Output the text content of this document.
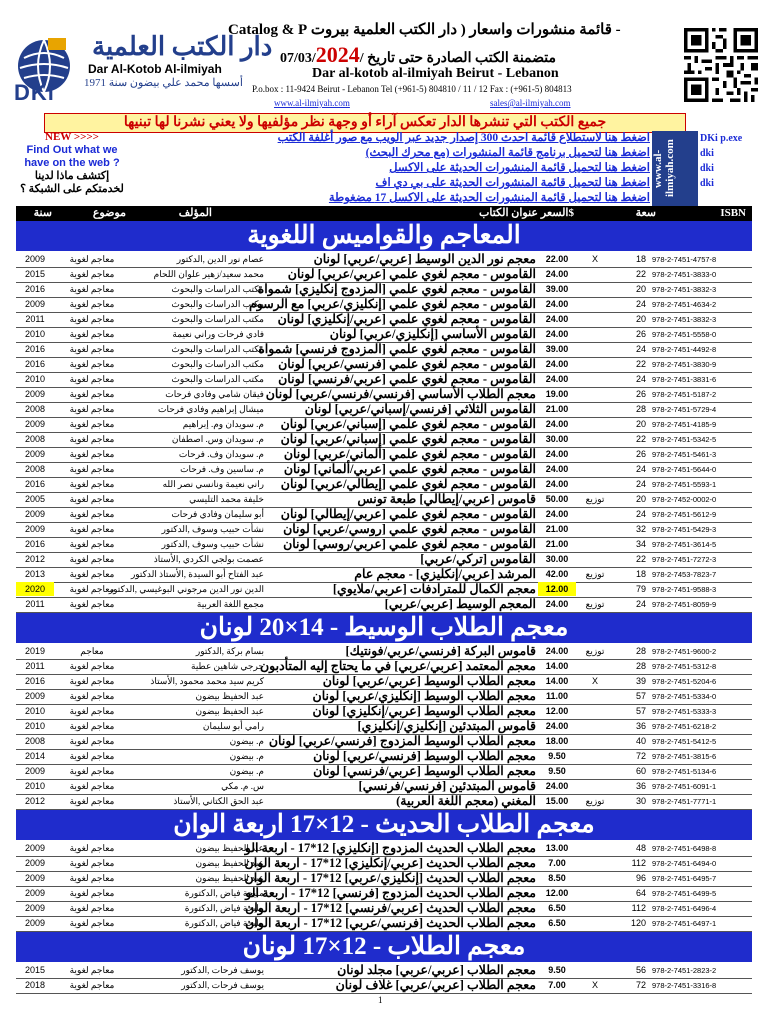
دار الكتب العلمية
Dar Al-Kotob Al-ilmiyah
أسسها محمد علي بيضون سنة 1971
DKi
- قائمة منشورات واسعار ( دار الكتب العلمية بيروت Catalog & P
متضمنة الكتب الصادرة حتى تاريخ /07/03/2024
Dar al-kotob al-ilmiyah Beirut - Lebanon
P.o.box : 11-9424 Beirut - Lebanon Tel (+961-5) 804810 / 11 / 12 Fax : (+961-5) 804813
www.al-ilmiyah.com	sales@al-ilmiyah.com
جميع الكتب التي تنشرها الدار تعكس آراء أو وجهة نظر مؤلفيها ولا يعني نشرنا لها تبنيها
NEW >>>>
Find Out what we have on the web ?
إكتشف ماذا لدينا لخدمتكم على الشبكة ؟
اضغط هنا لاستطلاع قائمة احدث 300 إصدار جديد عبر الويب مع صور أغلفة الكتب
اضغط هنا لتحميل برنامج قائمة المنشورات (مع محرك البحث)
اضغط هنا لتحميل قائمة المنشورات الحديثة على الاكسل
اضغط هنا لتحميل قائمة المنشورات الحديثة على بي دي اف
اضغط هنا لتحميل قائمة المنشورات الحديثة على الاكسل 17 مضغوطة
www.al-ilmiyah.com
DKi p.exe
dki
dki
dki
ISBN
سعة
السعر$
عنوان الكتاب
المؤلف
موضوع
سنة
المعاجم والقواميس اللغوية
978-2-7451-4757-8
18
X
22.00
معجم نور الدين الوسيط [عربي/عربي] لونان
عصام نور الدين ,الدكتور
معاجم لغوية
2009
978-2-7451-3833-0
22
24.00
القاموس - معجم لغوي علمي [عربي/عربي] لونان
محمد سعيد/زهير علوان اللحام
معاجم لغوية
2015
978-2-7451-3832-3
20
39.00
القاموس - معجم لغوي علمي [المزدوج إنكليزي] شمواة
مكتب الدراسات والبحوث
معاجم لغوية
2016
978-2-7451-4634-2
24
24.00
القاموس - معجم لغوي علمي [إنكليزي/عربي] مع الرسوم
مكتب الدراسات والبحوث
معاجم لغوية
2009
978-2-7451-3832-3
20
24.00
القاموس - معجم لغوي علمي [عربي/إنكليزي] لونان
مكتب الدراسات والبحوث
معاجم لغوية
2011
978-2-7451-5558-0
26
24.00
القاموس الأساسي [إنكليزي/عربي] لونان
فادي فرحات وراني نعيمة
معاجم لغوية
2010
978-2-7451-4492-8
24
39.00
القاموس - معجم لغوي علمي [المزدوج فرنسي] شمواة
مكتب الدراسات والبحوث
معاجم لغوية
2016
978-2-7451-3830-9
22
24.00
القاموس - معجم لغوي علمي [فرنسي/عربي] لونان
مكتب الدراسات والبحوث
معاجم لغوية
2016
978-2-7451-3831-6
24
24.00
القاموس - معجم لغوي علمي [عربي/فرنسي] لونان
مكتب الدراسات والبحوث
معاجم لغوية
2010
978-2-7451-5187-2
26
19.00
معجم الطلاب الأساسي [فرنسي/فرنسي/عربي] لونان
فيقان شامي وفادي فرحات
معاجم لغوية
2009
978-2-7451-5729-4
28
21.00
القاموس الثلاثي [فرنسي/إسباني/عربي] لونان
ميشال إبراهيم وفادي فرحات
معاجم لغوية
2008
978-2-7451-4185-9
20
24.00
القاموس - معجم لغوي علمي [إسباني/عربي] لونان
م. سويدان وم. إبراهيم
معاجم لغوية
2009
978-2-7451-5342-5
22
30.00
القاموس - معجم لغوي علمي [إسباني/عربي] لونان
م. سويدان وس. اصطفان
معاجم لغوية
2008
978-2-7451-5461-3
26
24.00
القاموس - معجم لغوي علمي [ألماني/عربي] لونان
م. سويدان وف. فرحات
معاجم لغوية
2009
978-2-7451-5644-0
24
24.00
القاموس - معجم لغوي علمي [عربي/ألماني] لونان
م. ساسين وف. فرحات
معاجم لغوية
2008
978-2-7451-5593-1
24
24.00
القاموس - معجم لغوي علمي [إيطالي/عربي] لونان
راني نعيمة ونانسي نصر الله
معاجم لغوية
2016
978-2-7452-0002-0
20
توزيع
50.00
قاموس [عربي/إيطالي] طبعة تونس
خليفة محمد التليسي
معاجم لغوية
2005
978-2-7451-5612-9
24
24.00
القاموس - معجم لغوي علمي [عربي/إيطالي] لونان
أبو سليمان وفادي فرحات
معاجم لغوية
2009
978-2-7451-5429-3
32
21.00
القاموس - معجم لغوي علمي [روسي/عربي] لونان
نشأت حبيب وسوف ,الدكتور
معاجم لغوية
2009
978-2-7451-3614-5
34
21.00
القاموس - معجم لغوي علمي [عربي/روسي] لونان
نشأت حبيب وسوف ,الدكتور
معاجم لغوية
2016
978-2-7451-7272-3
22
30.00
القاموس [تركي/عربي]
عصمت بولجي الكردي ,الأستاذ
معاجم لغوية
2012
978-2-7453-7823-7
18
توزيع
42.00
المرشد [عربي/إنكليزي] - معجم عام
عبد الفتاح أبو السيدة ,الأستاذ الدكتور
معاجم لغوية
2013
978-2-7451-9588-3
79
12.00
معجم الكمال للمترادفات [عربي/ملايوي]
الدين نور الدين مرجوني البوغيسي ,الدكتور
معاجم لغوية
2020
978-2-7451-8059-9
24
توزيع
24.00
المعجم الوسيط [عربي/عربي]
مجمع اللغة العربية
معاجم لغوية
2011
معجم الطلاب الوسيط - 14×20 لونان
978-2-7451-9600-2
28
توزيع
24.00
قاموس البركة [فرنسي/عربي/فونتيك]
بسام بركة ,الدكتور
معاجم
2019
978-2-7451-5312-8
28
14.00
معجم المعتمد [عربي/عربي] في ما يحتاج إليه المتأدبون
جرجي شاهين عطية
معاجم لغوية
2011
978-2-7451-5204-6
39
X
14.00
معجم الطلاب الوسيط [عربي/عربي] لونان
كريم سيد محمد محمود ,الأستاذ
معاجم لغوية
2016
978-2-7451-5334-0
57
11.00
معجم الطلاب الوسيط [إنكليزي/عربي] لونان
عبد الحفيظ بيضون
معاجم لغوية
2009
978-2-7451-5333-3
57
12.00
معجم الطلاب الوسيط [عربي/إنكليزي] لونان
عبد الحفيظ بيضون
معاجم لغوية
2010
978-2-7451-6218-2
36
24.00
قاموس المبتدئين [إنكليزي/إنكليزي]
رامي أبو سليمان
معاجم لغوية
2010
978-2-7451-5412-5
40
18.00
معجم الطلاب الوسيط المزدوج [فرنسي/عربي] لونان
م. بيضون
معاجم لغوية
2008
978-2-7451-3815-6
72
9.50
معجم الطلاب الوسيط [فرنسي/عربي] لونان
م. بيضون
معاجم لغوية
2014
978-2-7451-5134-6
60
9.50
معجم الطلاب الوسيط [عربي/فرنسي] لونان
م. بيضون
معاجم لغوية
2009
978-2-7451-6091-1
36
24.00
قاموس المبتدئين [فرنسي/فرنسي]
س. م. مكي
معاجم لغوية
2010
978-2-7451-7771-1
30
توزيع
15.00
المغني (معجم اللغة العربية)
عبد الحق الكتاني ,الأستاذ
معاجم لغوية
2012
معجم الطلاب الحديث - 12×17 اربعة الوان
978-2-7451-6498-8
48
13.00
معجم الطلاب الحديث المزدوج [إنكليزي] 12*17 - اربعة الو
عبد الحفيظ بيضون
معاجم لغوية
2009
978-2-7451-6494-0
112
7.00
معجم الطلاب الحديث [عربي/إنكليزي] 12*17 - اربعة الوان
عبد الحفيظ بيضون
معاجم لغوية
2009
978-2-7451-6495-7
96
8.50
معجم الطلاب الحديث [إنكليزي/عربي] 12*17 - اربعة الوان
عبد الحفيظ بيضون
معاجم لغوية
2009
978-2-7451-6499-5
64
12.00
معجم الطلاب الحديث المزدوج [فرنسي] 12*17 - اربعة الو
مليحة فياض ,الدكتورة
معاجم لغوية
2009
978-2-7451-6496-4
112
6.50
معجم الطلاب الحديث [عربي/فرنسي] 12*17 - اربعة الوان
مليحة فياض ,الدكتورة
معاجم لغوية
2009
978-2-7451-6497-1
120
6.50
معجم الطلاب الحديث [فرنسي/عربي] 12*17 - اربعة الوان
مليحة فياض ,الدكتورة
معاجم لغوية
2009
معجم الطلاب - 12×17 لونان
978-2-7451-2823-2
56
9.50
معجم الطلاب [عربي/عربي] مجلد لونان
يوسف فرحات ,الدكتور
معاجم لغوية
2015
978-2-7451-3316-8
72
X
7.00
معجم الطلاب [عربي/عربي] غلاف لونان
يوسف فرحات ,الدكتور
معاجم لغوية
2018
1
